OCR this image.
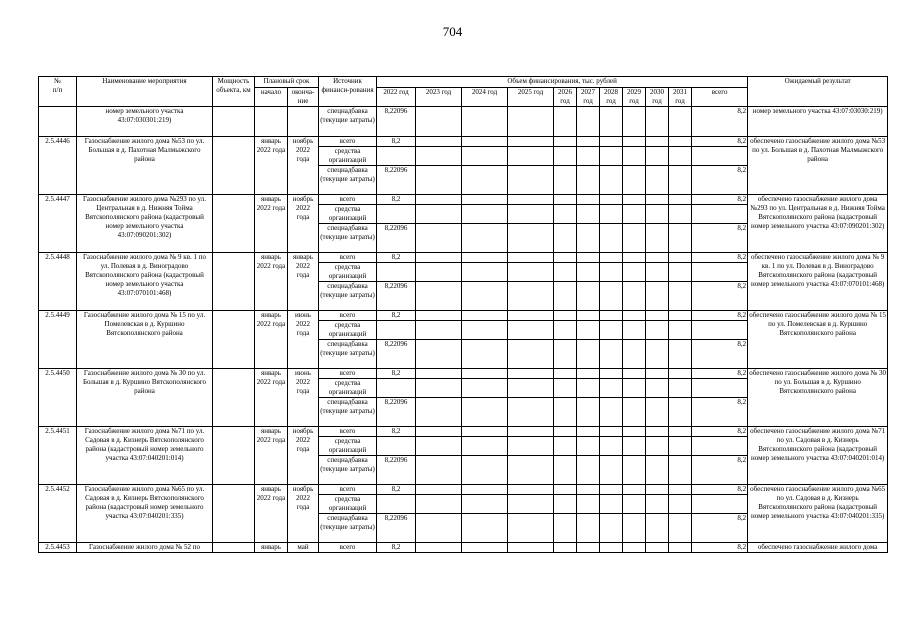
704
№
п/п	Наименование мероприятия	Мощность объекта, км	Плановый срок		Источник финанси-рования	Объем финансирования, тыс. рублей											Ожидаемый результат
			начало	оконча-ние		2022 год	2023 год	2024 год	2025 год	2026 год	2027 год	2028 год	2029 год	2030 год	2031 год	всего	
	номер земельного участка 43:07:030301:219)				спецнадбавка (текущие затраты)	8,22096										8,2	номер земельного участка 43:07:03030:219)
2.5.4446	Газоснабжение жилого дома №53 по ул. Большая в д. Пахотная Малмыжского района		январь 2022 года	ноябрь 2022 года	всего	8,2										8,2	обеспечено газоснабжение жилого дома №53 по ул. Большая в д. Пахотная Малмыжского района
					средства организаций												
					спецнадбавка (текущие затраты)	8,22096										8,2	
2.5.4447	Газоснабжение жилого дома №293 по ул. Центральная в д. Нижняя Тойма Вятскополянского района (кадастровый номер земельного участка 43:07:090201:302)		январь 2022 года	ноябрь 2022 года	всего	8,2										8,2	обеспечено газоснабжение жилого дома №293 по ул. Центральная в д. Нижняя Тойма Вятскополянского района (кадастровый номер земельного участка 43:07:090201:302)
					средства организаций												
					спецнадбавка (текущие затраты)	8,22096										8,2	
2.5.4448	Газоснабжение жилого дома № 9 кв. 1 по ул. Полевая в д. Виноградово Вятскополянского района (кадастровый номер земельного участка 43:07:070101:468)		январь 2022 года	январь 2022 года	всего	8,2										8,2	обеспечено газоснабжение жилого дома № 9 кв. 1 по ул. Полевая в д. Виноградово Вятскополянского района (кадастровый номер земельного участка 43:07:070101:468)
					средства организаций												
					спецнадбавка (текущие затраты)	8,22096										8,2	
2.5.4449	Газоснабжение жилого дома № 15 по ул. Помелевская в д. Куршино Вятскополянского района		январь 2022 года	июнь 2022 года	всего	8,2										8,2	обеспечено газоснабжение жилого дома № 15 по ул. Помелевская в д. Куршино Вятскополянского района
					средства организаций												
					спецнадбавка (текущие затраты)	8,22096										8,2	
2.5.4450	Газоснабжение жилого дома № 30 по ул. Большая в д. Куршино Вятскополянского района		январь 2022 года	июнь 2022 года	всего	8,2										8,2	обеспечено газоснабжение жилого дома № 30 по ул. Большая в д. Куршино Вятскополянского района
					средства организаций												
					спецнадбавка (текущие затраты)	8,22096										8,2	
2.5.4451	Газоснабжение жилого дома №71 по ул. Садовая в д. Кизнерь Вятскополянского района (кадастровый номер земельного участка 43:07:040201:014)		январь 2022 года	ноябрь 2022 года	всего	8,2										8,2	обеспечено газоснабжение жилого дома №71 по ул. Садовая в д. Кизнерь Вятскополянского района (кадастровый номер земельного участка 43:07:040201:014)
					средства организаций												
					спецнадбавка (текущие затраты)	8,22096										8,2	
2.5.4452	Газоснабжение жилого дома №65 по ул. Садовая в д. Кизнерь Вятскополянского района (кадастровый номер земельного участка 43:07:040201:335)		январь 2022 года	ноябрь 2022 года	всего	8,2										8,2	обеспечено газоснабжение жилого дома №65 по ул. Садовая в д. Кизнерь Вятскополянского района (кадастровый номер земельного участка 43:07:040201:335)
					средства организаций												
					спецнадбавка (текущие затраты)	8,22096										8,2	
2.5.4453	Газоснабжение жилого дома № 52 по		январь	май	всего	8,2										8,2	обеспечено газоснабжение жилого дома
